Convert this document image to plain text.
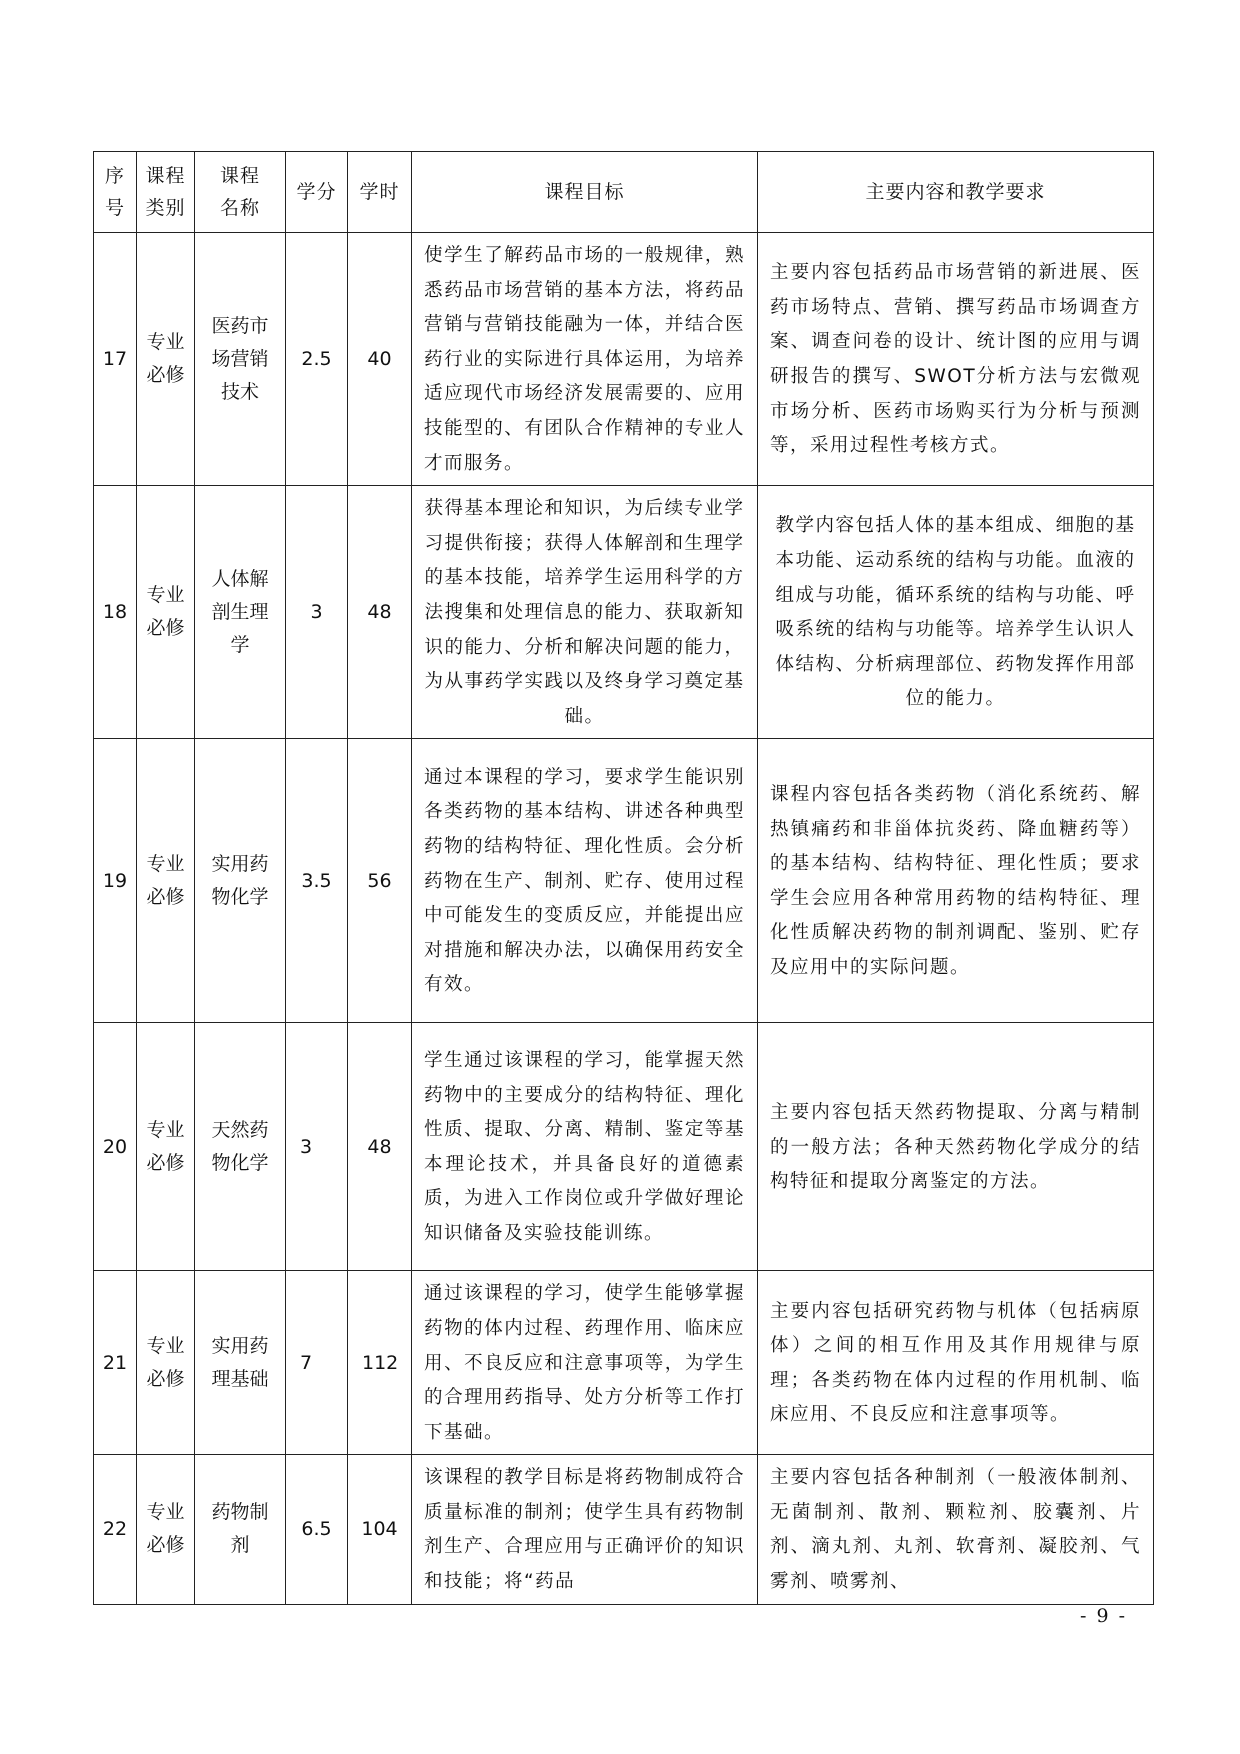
序号	课程类别	课程名称	学分	学时	课程目标	主要内容和教学要求
17	专业必修	医药市场营销技术	2.5	40	使学生了解药品市场的一般规律，熟悉药品市场营销的基本方法，将药品营销与营销技能融为一体，并结合医药行业的实际进行具体运用，为培养适应现代市场经济发展需要的、应用技能型的、有团队合作精神的专业人才而服务。	主要内容包括药品市场营销的新进展、医药市场特点、营销、撰写药品市场调查方案、调查问卷的设计、统计图的应用与调研报告的撰写、SWOT分析方法与宏微观市场分析、医药市场购买行为分析与预测等，采用过程性考核方式。
18	专业必修	人体解剖生理学	3	48	获得基本理论和知识，为后续专业学习提供衔接；获得人体解剖和生理学的基本技能，培养学生运用科学的方法搜集和处理信息的能力、获取新知识的能力、分析和解决问题的能力，为从事药学实践以及终身学习奠定基础。	教学内容包括人体的基本组成、细胞的基本功能、运动系统的结构与功能。血液的组成与功能，循环系统的结构与功能、呼吸系统的结构与功能等。培养学生认识人体结构、分析病理部位、药物发挥作用部位的能力。
19	专业必修	实用药物化学	3.5	56	通过本课程的学习，要求学生能识别各类药物的基本结构、讲述各种典型药物的结构特征、理化性质。会分析药物在生产、制剂、贮存、使用过程中可能发生的变质反应，并能提出应对措施和解决办法，以确保用药安全有效。	课程内容包括各类药物（消化系统药、解热镇痛药和非甾体抗炎药、降血糖药等）的基本结构、结构特征、理化性质；要求学生会应用各种常用药物的结构特征、理化性质解决药物的制剂调配、鉴别、贮存及应用中的实际问题。
20	专业必修	天然药物化学	3	48	学生通过该课程的学习，能掌握天然药物中的主要成分的结构特征、理化性质、提取、分离、精制、鉴定等基本理论技术，并具备良好的道德素质，为进入工作岗位或升学做好理论知识储备及实验技能训练。	主要内容包括天然药物提取、分离与精制的一般方法；各种天然药物化学成分的结构特征和提取分离鉴定的方法。
21	专业必修	实用药理基础	7	112	通过该课程的学习，使学生能够掌握药物的体内过程、药理作用、临床应用、不良反应和注意事项等，为学生的合理用药指导、处方分析等工作打下基础。	主要内容包括研究药物与机体（包括病原体）之间的相互作用及其作用规律与原理；各类药物在体内过程的作用机制、临床应用、不良反应和注意事项等。
22	专业必修	药物制剂	6.5	104	该课程的教学目标是将药物制成符合质量标准的制剂；使学生具有药物制剂生产、合理应用与正确评价的知识和技能；将“药品	主要内容包括各种制剂（一般液体制剂、无菌制剂、散剂、颗粒剂、胶囊剂、片剂、滴丸剂、丸剂、软膏剂、凝胶剂、气雾剂、喷雾剂、
- 9 -
